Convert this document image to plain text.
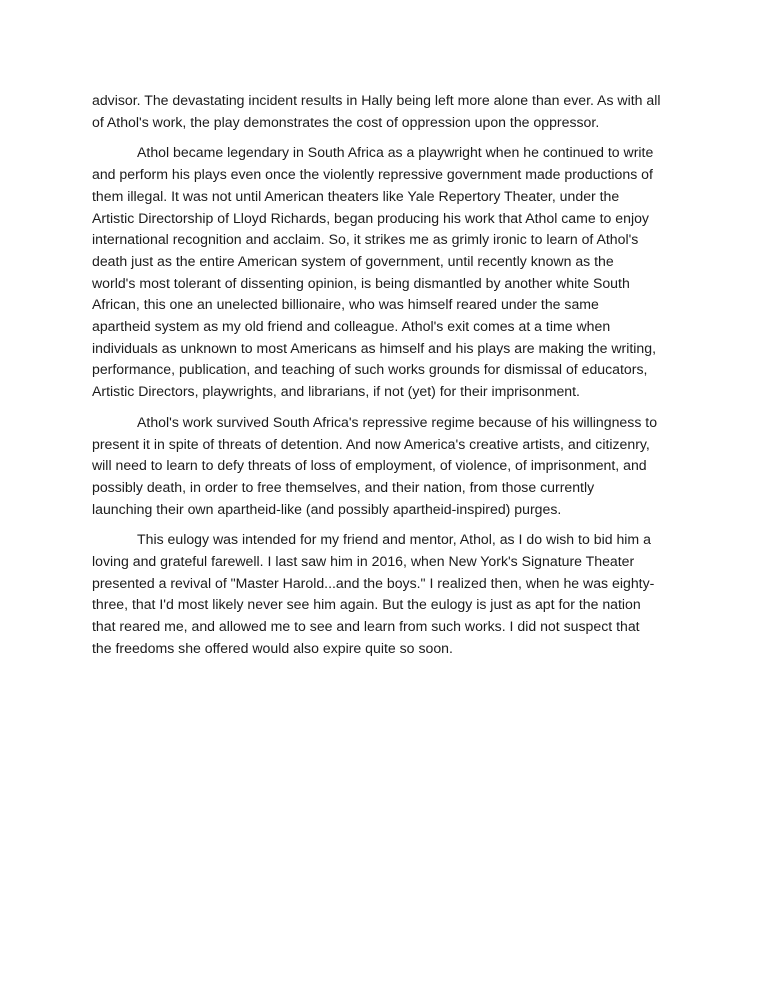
advisor. The devastating incident results in Hally being left more alone than ever. As with all
of Athol's work, the play demonstrates the cost of oppression upon the oppressor.

Athol became legendary in South Africa as a playwright when he continued to write
and perform his plays even once the violently repressive government made productions of
them illegal. It was not until American theaters like Yale Repertory Theater, under the
Artistic Directorship of Lloyd Richards, began producing his work that Athol came to enjoy
international recognition and acclaim. So, it strikes me as grimly ironic to learn of Athol's
death just as the entire American system of government, until recently known as the
world's most tolerant of dissenting opinion, is being dismantled by another white South
African, this one an unelected billionaire, who was himself reared under the same
apartheid system as my old friend and colleague. Athol's exit comes at a time when
individuals as unknown to most Americans as himself and his plays are making the writing,
performance, publication, and teaching of such works grounds for dismissal of educators,
Artistic Directors, playwrights, and librarians, if not (yet) for their imprisonment.

Athol's work survived South Africa's repressive regime because of his willingness to
present it in spite of threats of detention. And now America's creative artists, and citizenry,
will need to learn to defy threats of loss of employment, of violence, of imprisonment, and
possibly death, in order to free themselves, and their nation, from those currently
launching their own apartheid-like (and possibly apartheid-inspired) purges.

This eulogy was intended for my friend and mentor, Athol, as I do wish to bid him a
loving and grateful farewell. I last saw him in 2016, when New York's Signature Theater
presented a revival of "Master Harold...and the boys." I realized then, when he was eighty-
three, that I'd most likely never see him again. But the eulogy is just as apt for the nation
that reared me, and allowed me to see and learn from such works. I did not suspect that
the freedoms she offered would also expire quite so soon.
